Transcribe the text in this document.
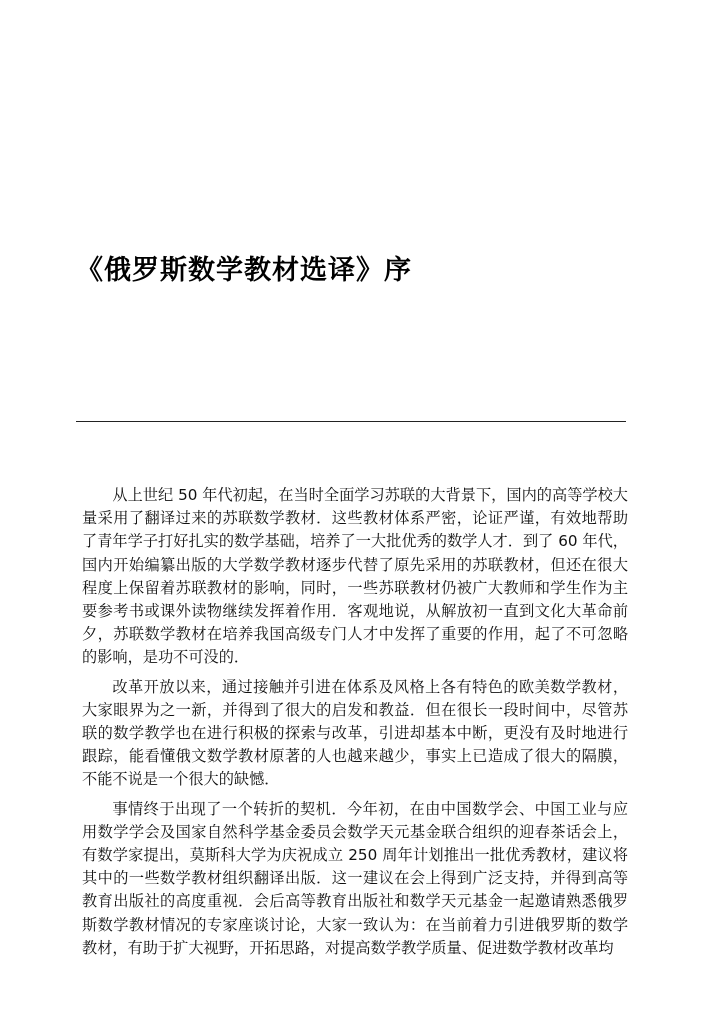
《俄罗斯数学教材选译》序

从上世纪 50 年代初起，在当时全面学习苏联的大背景下，国内的高等学校大量采用了翻译过来的苏联数学教材．这些教材体系严密，论证严谨，有效地帮助了青年学子打好扎实的数学基础，培养了一大批优秀的数学人才．到了 60 年代，国内开始编纂出版的大学数学教材逐步代替了原先采用的苏联教材，但还在很大程度上保留着苏联教材的影响，同时，一些苏联教材仍被广大教师和学生作为主要参考书或课外读物继续发挥着作用．客观地说，从解放初一直到文化大革命前夕，苏联数学教材在培养我国高级专门人才中发挥了重要的作用，起了不可忽略的影响，是功不可没的．

改革开放以来，通过接触并引进在体系及风格上各有特色的欧美数学教材，大家眼界为之一新，并得到了很大的启发和教益．但在很长一段时间中，尽管苏联的数学教学也在进行积极的探索与改革，引进却基本中断，更没有及时地进行跟踪，能看懂俄文数学教材原著的人也越来越少，事实上已造成了很大的隔膜，不能不说是一个很大的缺憾．

事情终于出现了一个转折的契机．今年初，在由中国数学会、中国工业与应用数学学会及国家自然科学基金委员会数学天元基金联合组织的迎春茶话会上，有数学家提出，莫斯科大学为庆祝成立 250 周年计划推出一批优秀教材，建议将其中的一些数学教材组织翻译出版．这一建议在会上得到广泛支持，并得到高等教育出版社的高度重视．会后高等教育出版社和数学天元基金一起邀请熟悉俄罗斯数学教材情况的专家座谈讨论，大家一致认为：在当前着力引进俄罗斯的数学教材，有助于扩大视野，开拓思路，对提高数学教学质量、促进数学教材改革均
